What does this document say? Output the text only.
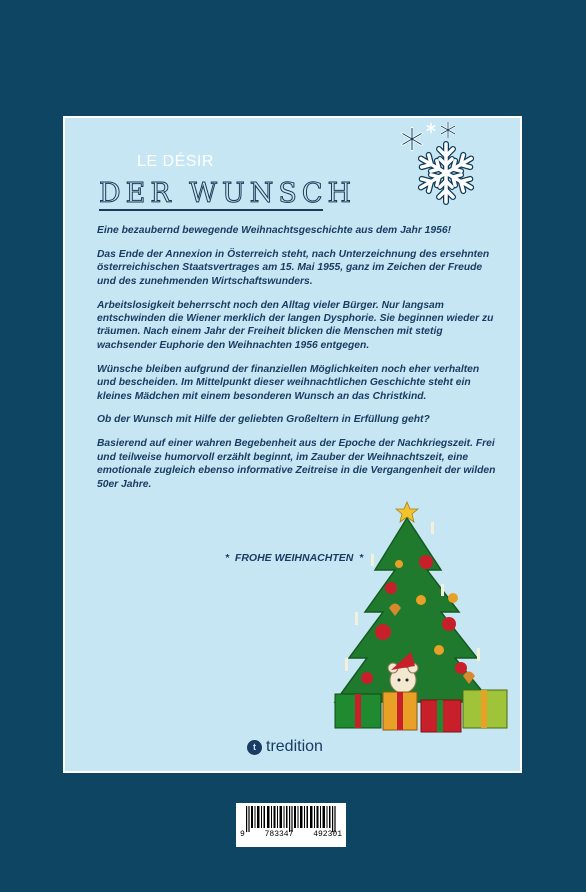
LE DÉSIR
DER WUNSCH

Eine bezaubernd bewegende Weihnachtsgeschichte aus dem Jahr 1956!

Das Ende der Annexion in Österreich steht, nach Unterzeichnung des ersehnten österreichischen Staatsvertrages am 15. Mai 1955, ganz im Zeichen der Freude und des zunehmenden Wirtschaftswunders.

Arbeitslosigkeit beherrscht noch den Alltag vieler Bürger. Nur langsam entschwinden die Wiener merklich der langen Dysphorie. Sie beginnen wieder zu träumen. Nach einem Jahr der Freiheit blicken die Menschen mit stetig wachsender Euphorie den Weihnachten 1956 entgegen.

Wünsche bleiben aufgrund der finanziellen Möglichkeiten noch eher verhalten und bescheiden. Im Mittelpunkt dieser weihnachtlichen Geschichte steht ein kleines Mädchen mit einem besonderen Wunsch an das Christkind.

Ob der Wunsch mit Hilfe der geliebten Großeltern in Erfüllung geht?

Basierend auf einer wahren Begebenheit aus der Epoche der Nachkriegszeit. Frei und teilweise humorvoll erzählt beginnt, im Zauber der Weihnachtszeit, eine emotionale zugleich ebenso informative Zeitreise in die Vergangenheit der wilden 50er Jahre.

*  FROHE WEIHNACHTEN  *
t tredition
9 783347 492301
